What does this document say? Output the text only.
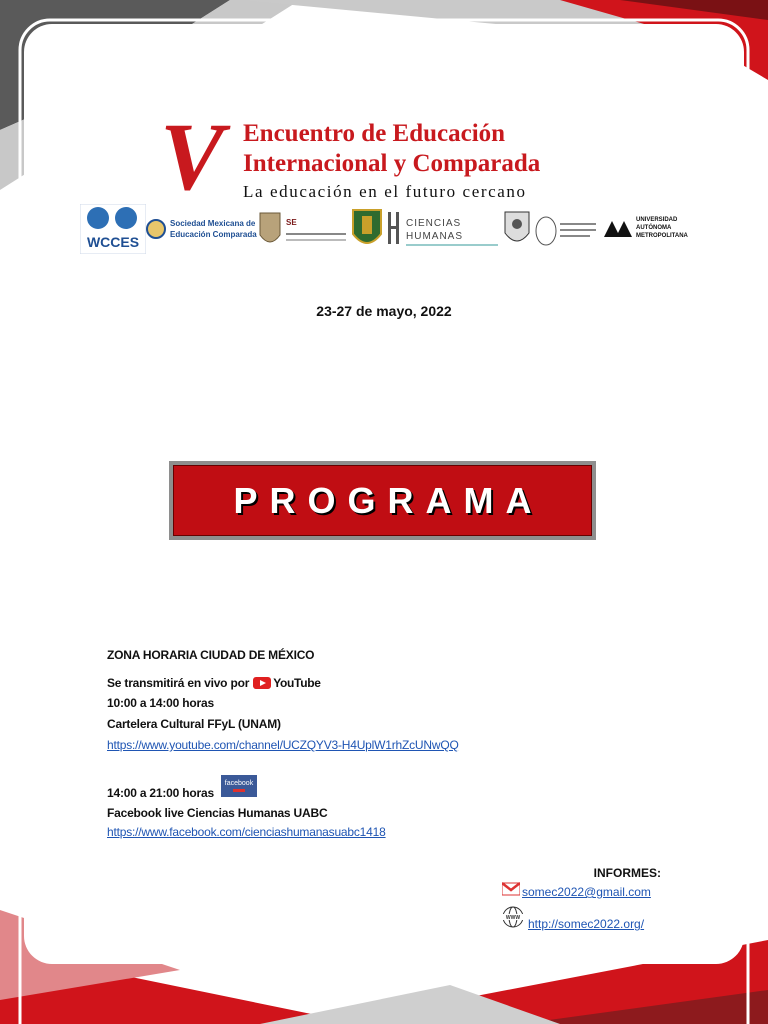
V Encuentro de Educación
Internacional y Comparada
La educación en el futuro cercano
WCCES
Sociedad Mexicana de
Educación Comparada
SE	CIENCIAS
HUMANAS
UNIVERSIDAD
AUTÓNOMA
METROPOLITANA
23-27 de mayo, 2022
PROGRAMA
ZONA HORARIA CIUDAD DE MÉXICO
Se transmitirá en vivo por YouTube
10:00 a 14:00 horas
Cartelera Cultural FFyL (UNAM)
https://www.youtube.com/channel/UCZQYV3-H4UplW1rhZcUNwQQ
14:00 a 21:00 horas
facebook
Facebook live Ciencias Humanas UABC
https://www.facebook.com/cienciashumanasuabc1418
INFORMES:
somec2022@gmail.com
WWW http://somec2022.org/
